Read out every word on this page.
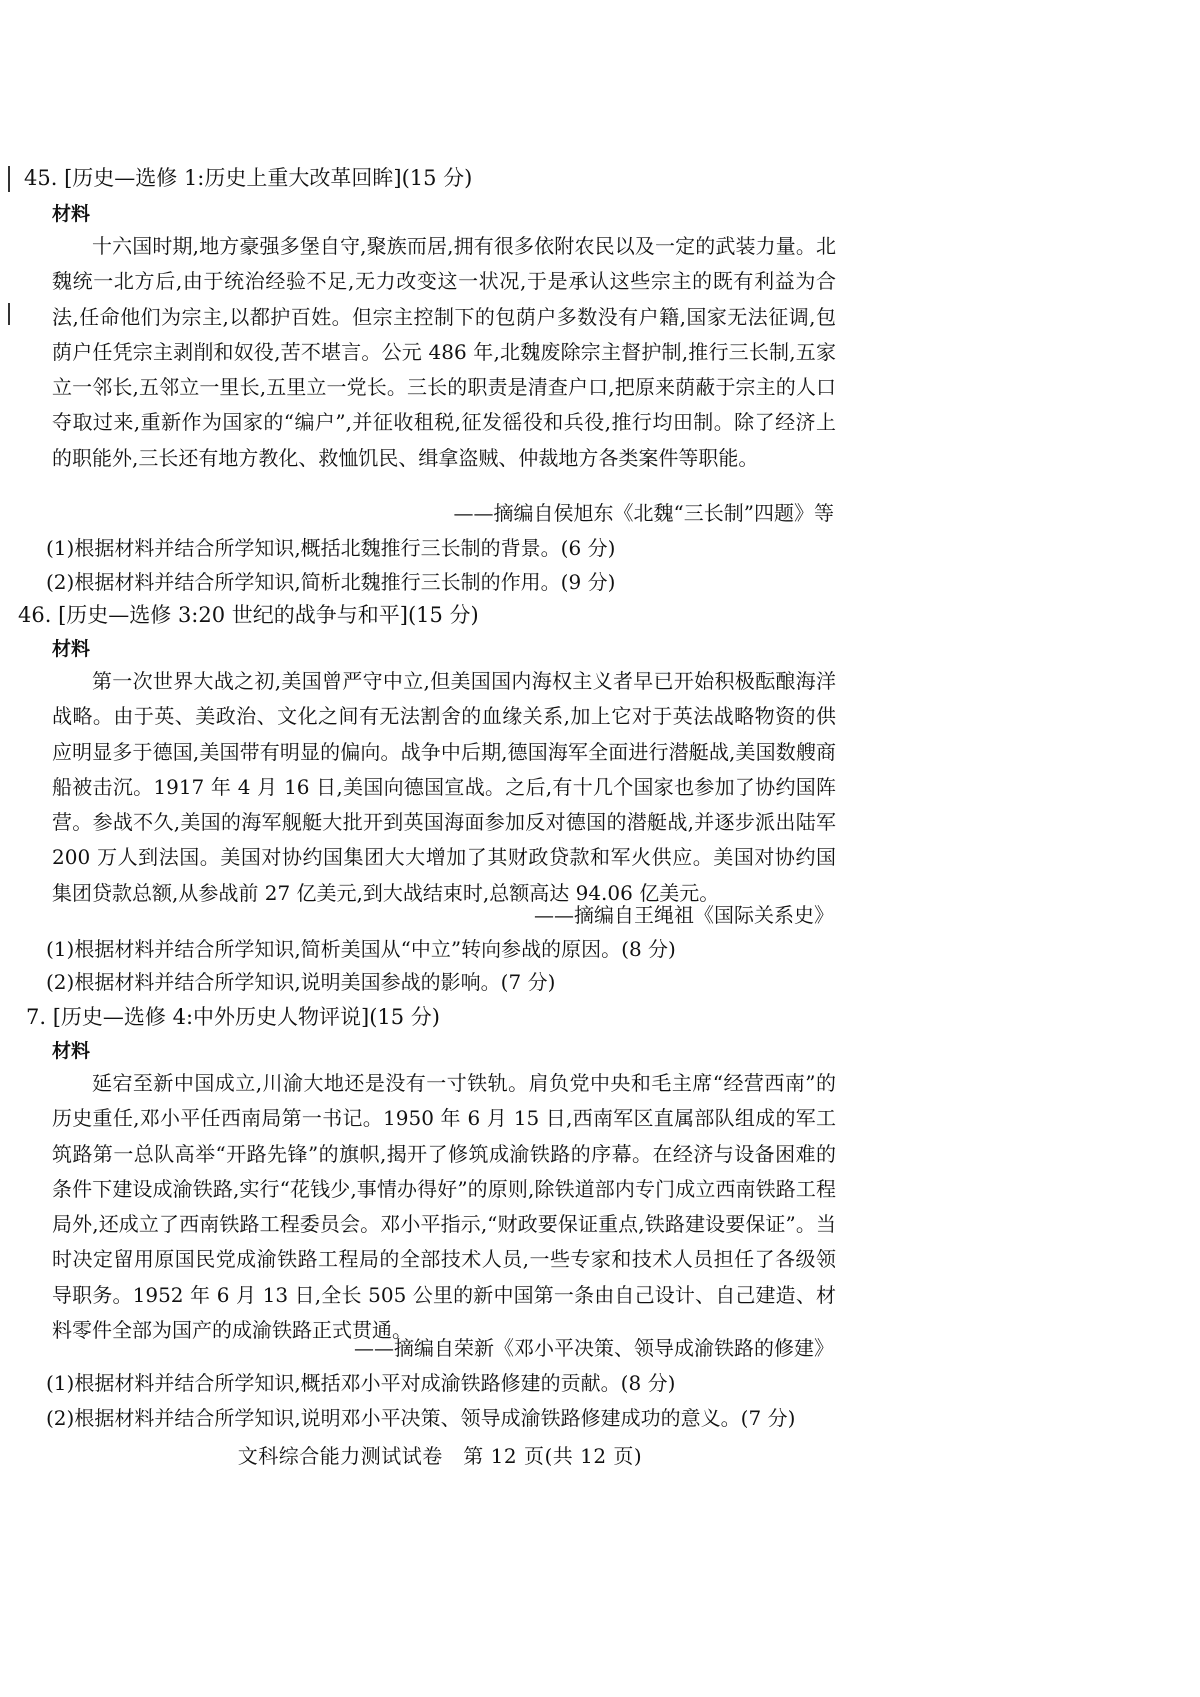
45. [历史—选修 1:历史上重大改革回眸](15 分)
材料

十六国时期,地方豪强多堡自守,聚族而居,拥有很多依附农民以及一定的武装力量。北魏统一北方后,由于统治经验不足,无力改变这一状况,于是承认这些宗主的既有利益为合法,任命他们为宗主,以都护百姓。但宗主控制下的包荫户多数没有户籍,国家无法征调,包荫户任凭宗主剥削和奴役,苦不堪言。公元 486 年,北魏废除宗主督护制,推行三长制,五家立一邻长,五邻立一里长,五里立一党长。三长的职责是清查户口,把原来荫蔽于宗主的人口夺取过来,重新作为国家的“编户”,并征收租税,征发徭役和兵役,推行均田制。除了经济上的职能外,三长还有地方教化、救恤饥民、缉拿盗贼、仲裁地方各类案件等职能。

——摘编自侯旭东《北魏“三长制”四题》等
(1)根据材料并结合所学知识,概括北魏推行三长制的背景。(6 分)
(2)根据材料并结合所学知识,简析北魏推行三长制的作用。(9 分)
46. [历史—选修 3:20 世纪的战争与和平](15 分)
材料

第一次世界大战之初,美国曾严守中立,但美国国内海权主义者早已开始积极酝酿海洋战略。由于英、美政治、文化之间有无法割舍的血缘关系,加上它对于英法战略物资的供应明显多于德国,美国带有明显的偏向。战争中后期,德国海军全面进行潜艇战,美国数艘商船被击沉。1917 年 4 月 16 日,美国向德国宣战。之后,有十几个国家也参加了协约国阵营。参战不久,美国的海军舰艇大批开到英国海面参加反对德国的潜艇战,并逐步派出陆军 200 万人到法国。美国对协约国集团大大增加了其财政贷款和军火供应。美国对协约国集团贷款总额,从参战前 27 亿美元,到大战结束时,总额高达 94.06 亿美元。

——摘编自王绳祖《国际关系史》
(1)根据材料并结合所学知识,简析美国从“中立”转向参战的原因。(8 分)
(2)根据材料并结合所学知识,说明美国参战的影响。(7 分)
7. [历史—选修 4:中外历史人物评说](15 分)
材料

延宕至新中国成立,川渝大地还是没有一寸铁轨。肩负党中央和毛主席“经营西南”的历史重任,邓小平任西南局第一书记。1950 年 6 月 15 日,西南军区直属部队组成的军工筑路第一总队高举“开路先锋”的旗帜,揭开了修筑成渝铁路的序幕。在经济与设备困难的条件下建设成渝铁路,实行“花钱少,事情办得好”的原则,除铁道部内专门成立西南铁路工程局外,还成立了西南铁路工程委员会。邓小平指示,“财政要保证重点,铁路建设要保证”。当时决定留用原国民党成渝铁路工程局的全部技术人员,一些专家和技术人员担任了各级领导职务。1952 年 6 月 13 日,全长 505 公里的新中国第一条由自己设计、自己建造、材料零件全部为国产的成渝铁路正式贯通。

——摘编自荣新《邓小平决策、领导成渝铁路的修建》
(1)根据材料并结合所学知识,概括邓小平对成渝铁路修建的贡献。(8 分)
(2)根据材料并结合所学知识,说明邓小平决策、领导成渝铁路修建成功的意义。(7 分)
文科综合能力测试试卷　第 12 页(共 12 页)
